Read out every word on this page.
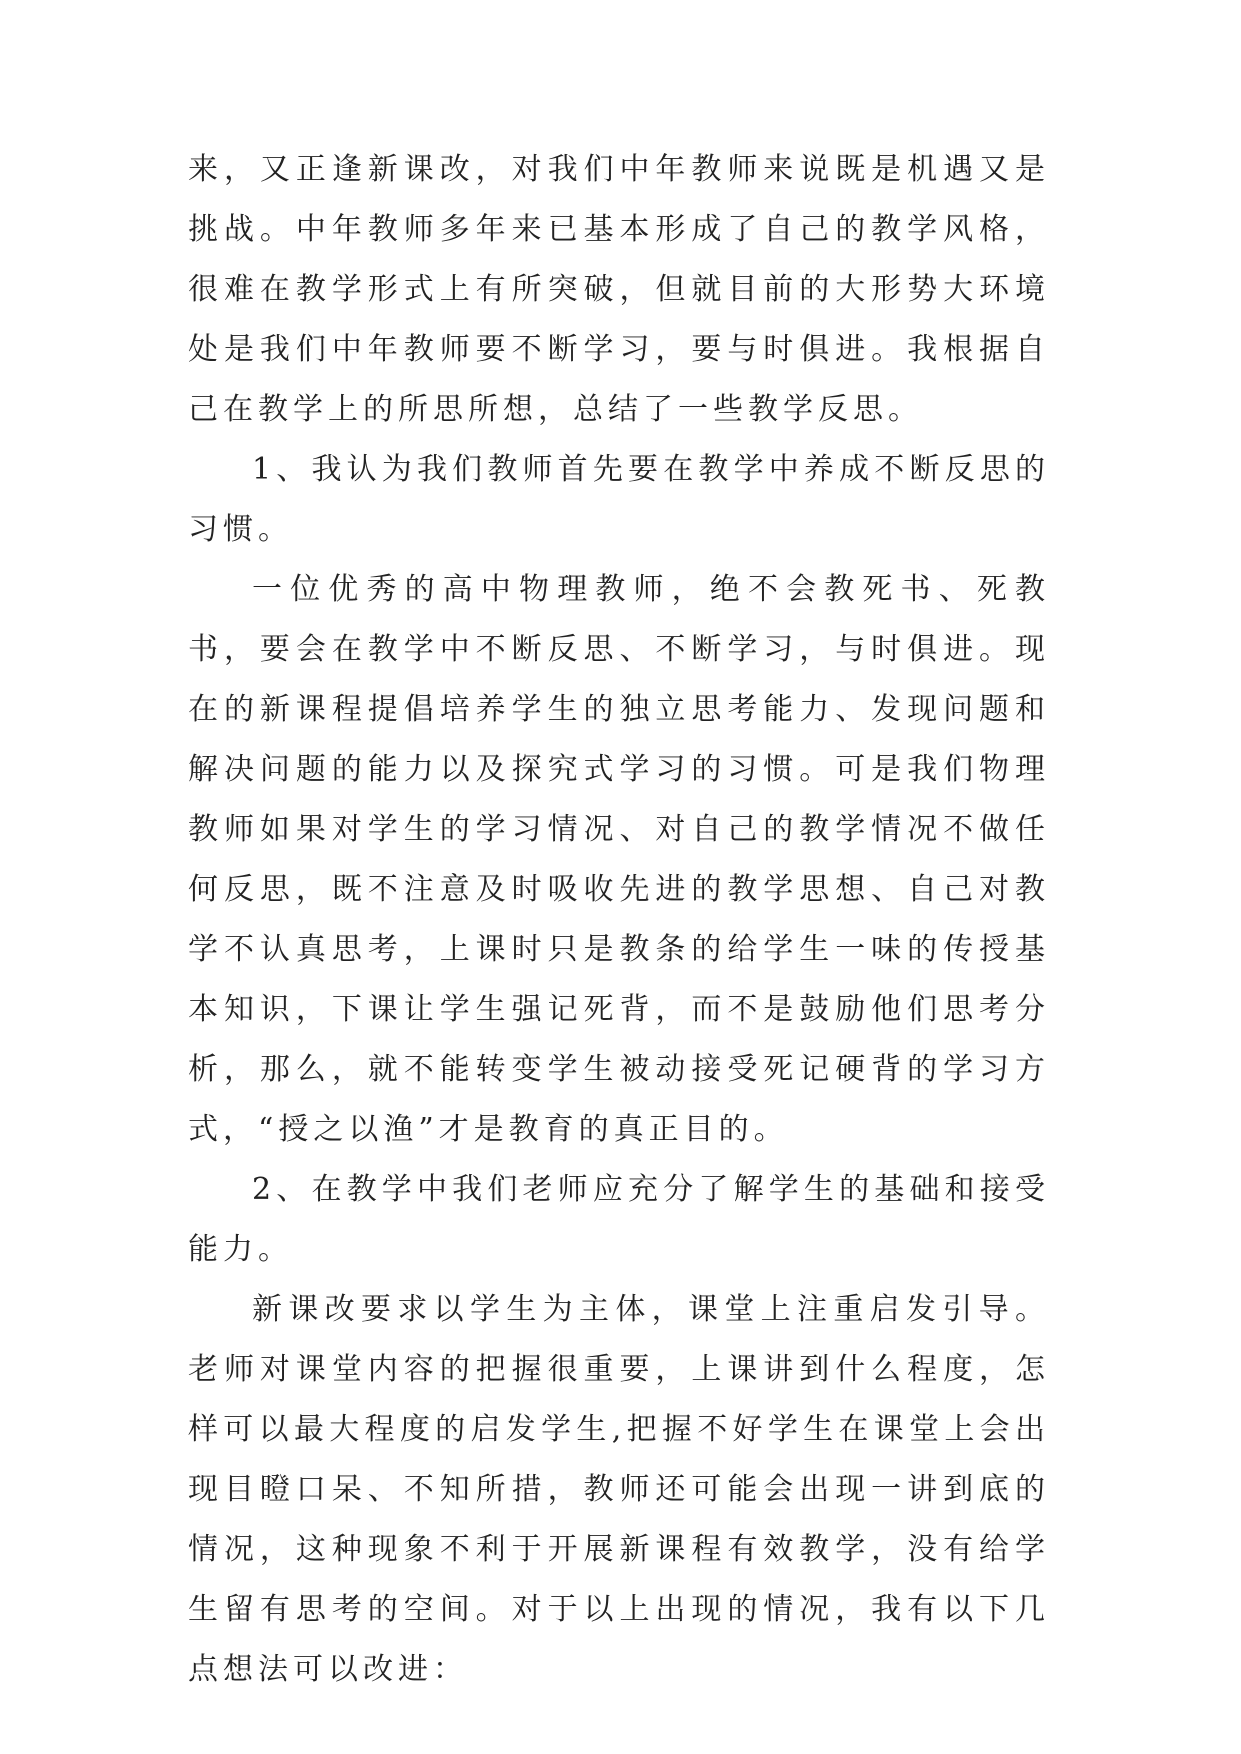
来，又正逢新课改，对我们中年教师来说既是机遇又是挑战。中年教师多年来已基本形成了自己的教学风格，很难在教学形式上有所突破，但就目前的大形势大环境处是我们中年教师要不断学习，要与时俱进。我根据自己在教学上的所思所想，总结了一些教学反思。

1、我认为我们教师首先要在教学中养成不断反思的习惯。

一位优秀的高中物理教师，绝不会教死书、死教书，要会在教学中不断反思、不断学习，与时俱进。现在的新课程提倡培养学生的独立思考能力、发现问题和解决问题的能力以及探究式学习的习惯。可是我们物理教师如果对学生的学习情况、对自己的教学情况不做任何反思，既不注意及时吸收先进的教学思想、自己对教学不认真思考，上课时只是教条的给学生一味的传授基本知识，下课让学生强记死背，而不是鼓励他们思考分析，那么，就不能转变学生被动接受死记硬背的学习方式，“授之以渔”才是教育的真正目的。

2、在教学中我们老师应充分了解学生的基础和接受能力。

新课改要求以学生为主体，课堂上注重启发引导。老师对课堂内容的把握很重要，上课讲到什么程度，怎样可以最大程度的启发学生,把握不好学生在课堂上会出现目瞪口呆、不知所措，教师还可能会出现一讲到底的情况，这种现象不利于开展新课程有效教学，没有给学生留有思考的空间。对于以上出现的情况，我有以下几点想法可以改进：
